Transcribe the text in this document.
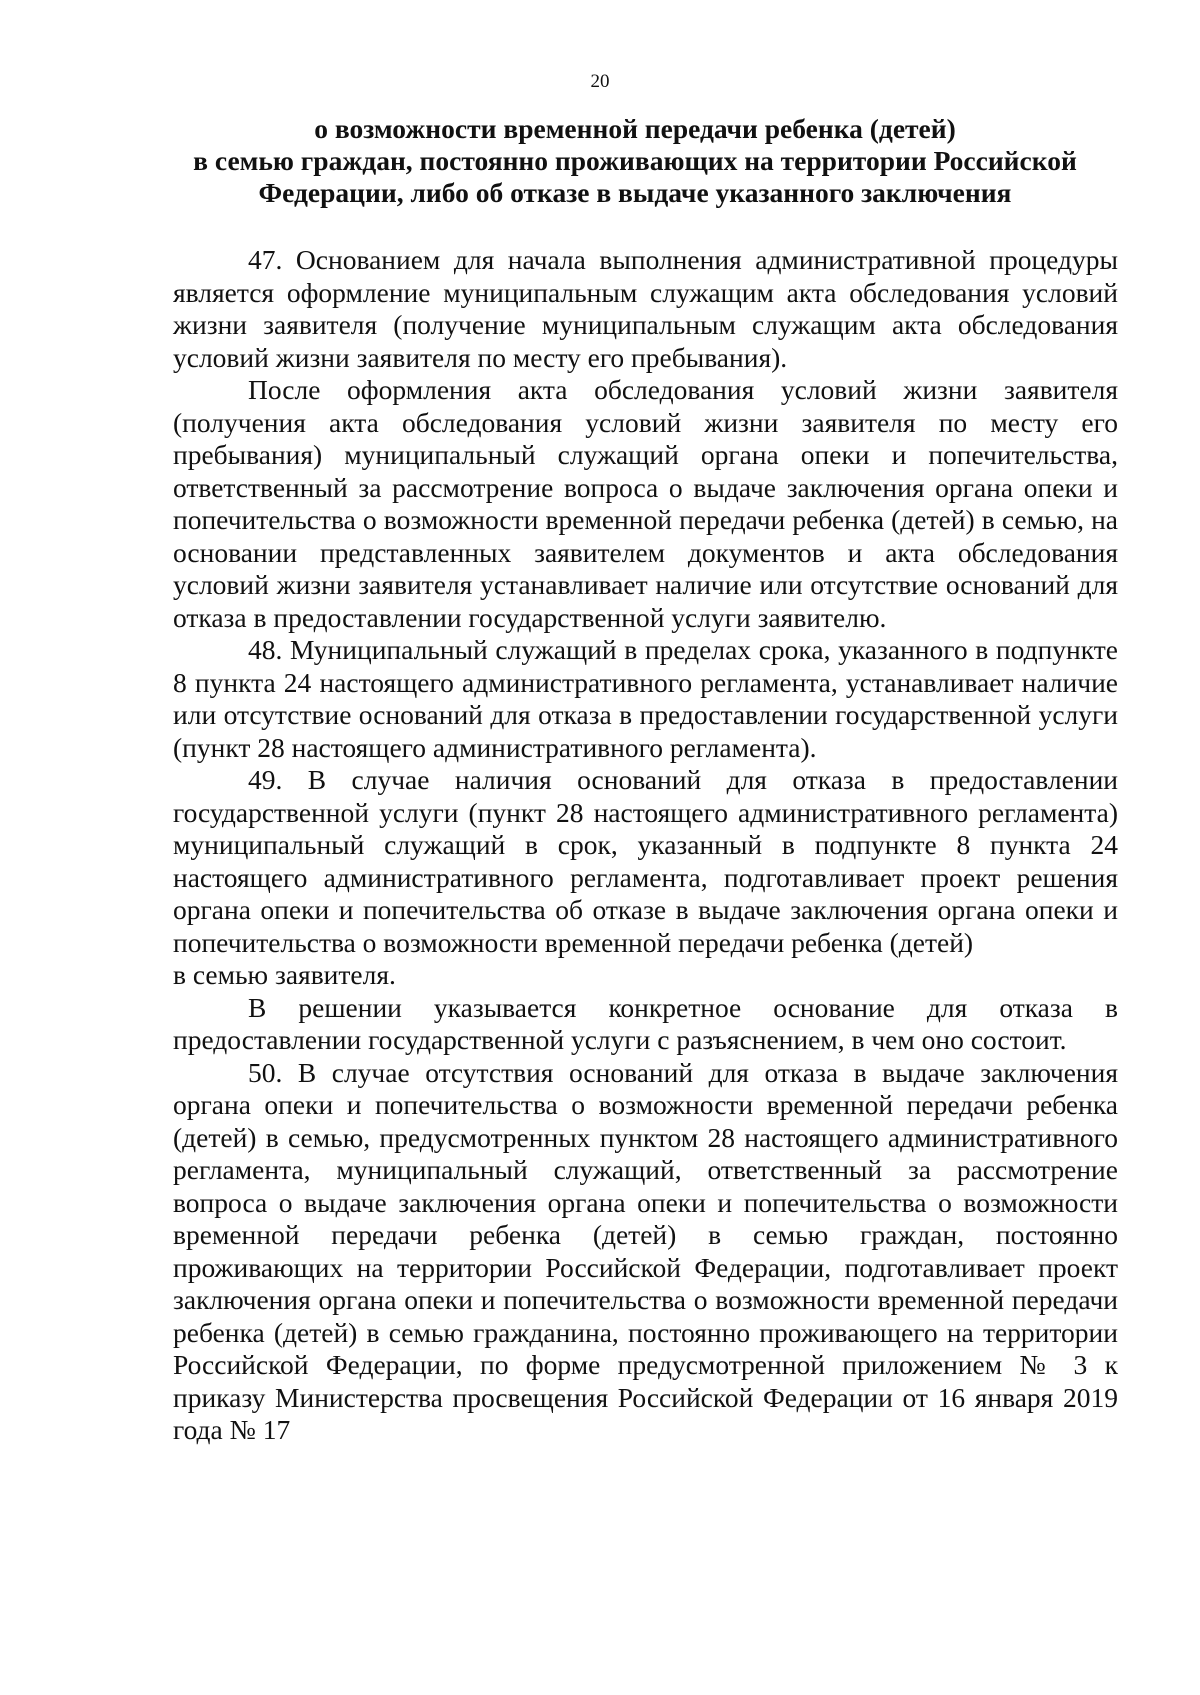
20
о возможности временной передачи ребенка (детей)
в семью граждан, постоянно проживающих на территории Российской
Федерации, либо об отказе в выдаче указанного заключения

47. Основанием для начала выполнения административной процедуры является оформление муниципальным служащим акта обследования условий жизни заявителя (получение муниципальным служащим акта обследования условий жизни заявителя по месту его пребывания).

После оформления акта обследования условий жизни заявителя (получения акта обследования условий жизни заявителя по месту его пребывания) муниципальный служащий органа опеки и попечительства, ответственный за рассмотрение вопроса о выдаче заключения органа опеки и попечительства о возможности временной передачи ребенка (детей) в семью, на основании представленных заявителем документов и акта обследования условий жизни заявителя устанавливает наличие или отсутствие оснований для отказа в предоставлении государственной услуги заявителю.

48. Муниципальный служащий в пределах срока, указанного в подпункте 8 пункта 24 настоящего административного регламента, устанавливает наличие или отсутствие оснований для отказа в предоставлении государственной услуги (пункт 28 настоящего административного регламента).

49. В случае наличия оснований для отказа в предоставлении государственной услуги (пункт 28 настоящего административного регламента) муниципальный служащий в срок, указанный в подпункте 8 пункта 24 настоящего административного регламента, подготавливает проект решения органа опеки и попечительства об отказе в выдаче заключения органа опеки и попечительства о возможности временной передачи ребенка (детей)

в семью заявителя.

В решении указывается конкретное основание для отказа в предоставлении государственной услуги с разъяснением, в чем оно состоит.

50. В случае отсутствия оснований для отказа в выдаче заключения органа опеки и попечительства о возможности временной передачи ребенка (детей) в семью, предусмотренных пунктом 28 настоящего административного регламента, муниципальный служащий, ответственный за рассмотрение вопроса о выдаче заключения органа опеки и попечительства о возможности временной передачи ребенка (детей) в семью граждан, постоянно проживающих на территории Российской Федерации, подготавливает проект заключения органа опеки и попечительства о возможности временной передачи ребенка (детей) в семью гражданина, постоянно проживающего на территории Российской Федерации, по форме предусмотренной приложением № 3 к приказу Министерства просвещения Российской Федерации от 16 января 2019 года № 17
